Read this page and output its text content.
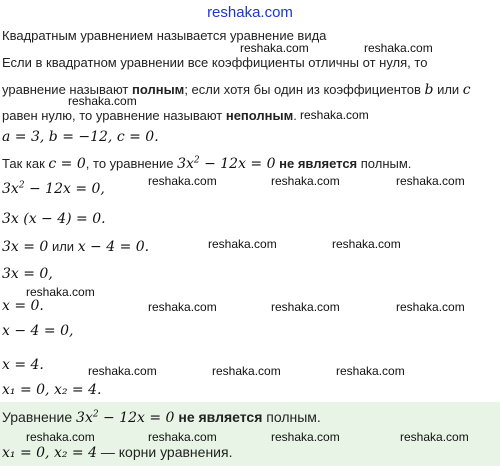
reshaka.com
reshaka.com	reshaka.com
reshaka.com
reshaka.com
reshaka.com	reshaka.com	reshaka.com
reshaka.com	reshaka.com
reshaka.com
reshaka.com	reshaka.com	reshaka.com
reshaka.com	reshaka.com	reshaka.com
Квадратным уравнением называется уравнение вида
Если в квадратном уравнении все коэффициенты отличны от нуля, то
уравнение называют полным; если хотя бы один из коэффициентов b или c
равен нулю, то уравнение называют неполным.
a = 3, b = −12, c = 0.
Так как c = 0, то уравнение $3x^2 - 12x = 0$ не является полным.
$3x^2 - 12x = 0$,
3x (x − 4) = 0.
3x = 0 или x − 4 = 0.
3x = 0,
x = 0.
x − 4 = 0,
x = 4.
x₁ = 0, x₂ = 4.
Уравнение $3x^2 - 12x = 0$ не является полным.
reshaka.com	reshaka.com	reshaka.com	reshaka.com
x₁ = 0, x₂ = 4 — корни уравнения.
